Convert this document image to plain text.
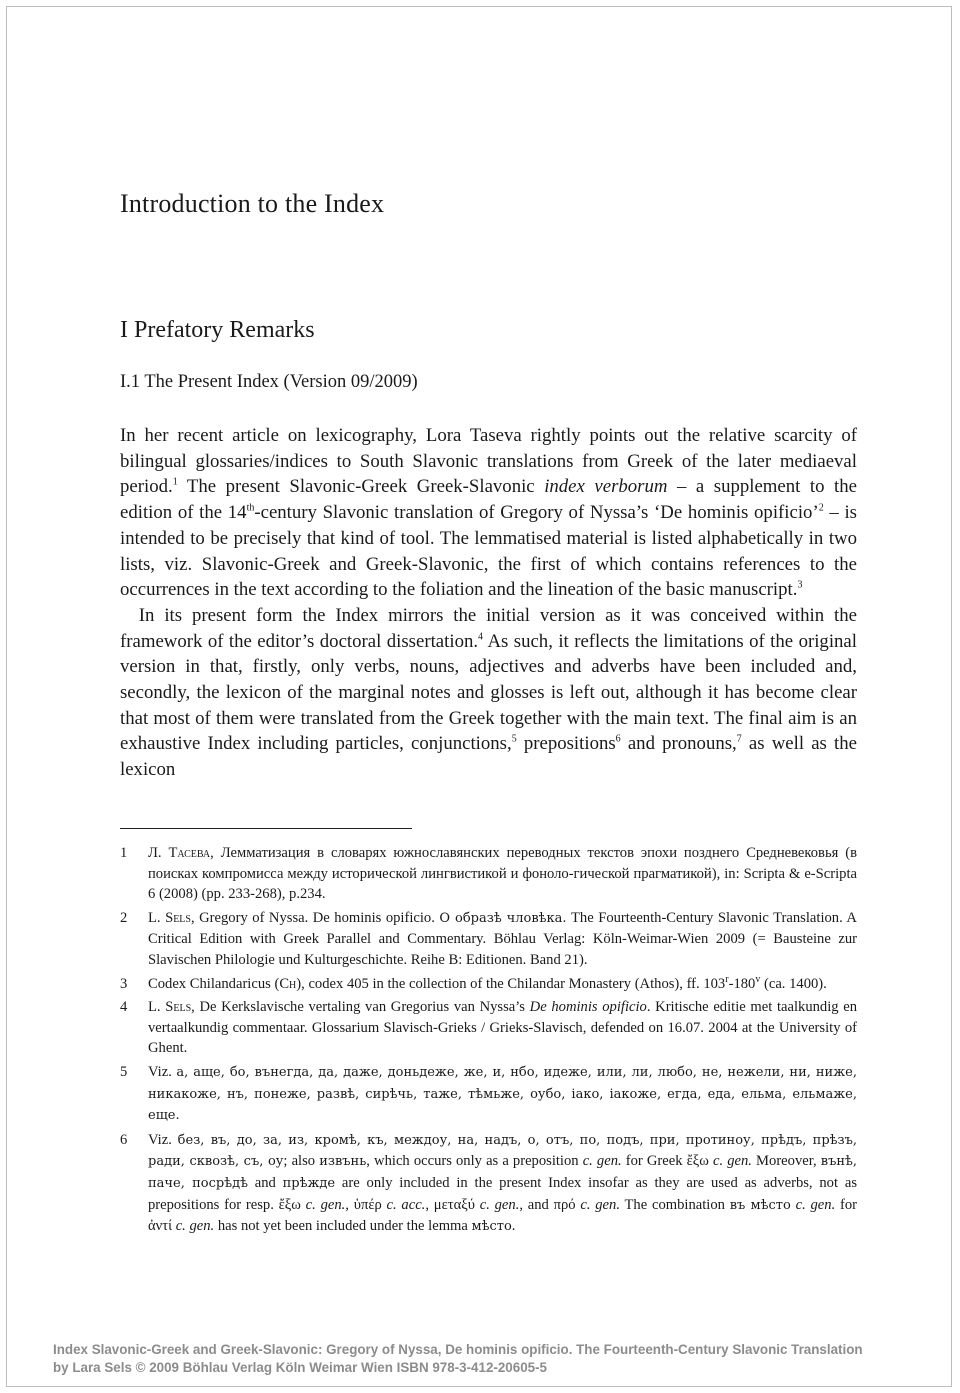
Introduction to the Index
I Prefatory Remarks
I.1 The Present Index (Version 09/2009)

In her recent article on lexicography, Lora Taseva rightly points out the relative scarcity of bilingual glossaries/indices to South Slavonic translations from Greek of the later mediaeval period.$^1$ The present Slavonic-Greek Greek-Slavonic index verborum – a supplement to the edition of the 14th-century Slavonic translation of Gregory of Nyssa’s ‘De hominis opificio’$^2$ – is intended to be precisely that kind of tool. The lemmatised material is listed alphabetically in two lists, viz. Slavonic-Greek and Greek-Slavonic, the first of which contains references to the occurrences in the text according to the foliation and the lineation of the basic manuscript.$^3$

 In its present form the Index mirrors the initial version as it was conceived within the framework of the editor’s doctoral dissertation.$^4$ As such, it reflects the limitations of the original version in that, firstly, only verbs, nouns, adjectives and adverbs have been included and, secondly, the lexicon of the marginal notes and glosses is left out, although it has become clear that most of them were translated from the Greek together with the main text. The final aim is an exhaustive Index including particles, conjunctions,$^5$ prepositions$^6$ and pronouns,$^7$ as well as the lexicon

1 Л. Тасева, Лемматизация в словарях южнославянских переводных текстов эпохи позднего Средневековья (в поисках компромисса между исторической лингвистикой и фоноло-гической прагматикой), in: Scripta & e-Scripta 6 (2008) (pp. 233-268), p.234.
2 L. Sels, Gregory of Nyssa. De hominis opificio. О образѣ чловѣка. The Fourteenth-Century Slavonic Translation. A Critical Edition with Greek Parallel and Commentary. Böhlau Verlag: Köln-Weimar-Wien 2009 (= Bausteine zur Slavischen Philologie und Kulturgeschichte. Reihe B: Editionen. Band 21).
3 Codex Chilandaricus (Ch), codex 405 in the collection of the Chilandar Monastery (Athos), ff. 103$^r$-180$^v$ (ca. 1400).
4 L. Sels, De Kerkslavische vertaling van Gregorius van Nyssa’s De hominis opificio. Kritische editie met taalkundig en vertaalkundig commentaar. Glossarium Slavisch-Grieks / Grieks-Slavisch, defended on 16.07. 2004 at the University of Ghent.
5 Viz. а, аще, бо, вънегда, да, даже, доньдеже, же, и, нбо, идеже, или, ли, любо, не, нежели, ни, ниже, никакоже, нъ, понеже, развѣ, сирѣчь, таже, тѣмьже, оубо, iако, iакоже, егда, еда, ельма, ельмаже, еще.
6 Viz. без, въ, до, за, из, кромѣ, къ, междоу, на, надъ, о, отъ, по, подъ, при, протиноу, прѣдъ, прѣзъ, ради, сквозѣ, съ, оу; also извънь, which occurs only as a preposition c. gen. for Greek ἔξω c. gen. Moreover, вънѣ, паче, посрѣдѣ and прѣжде are only included in the present Index insofar as they are used as adverbs, not as prepositions for resp. ἔξω c. gen., ὑπέρ c. acc., μεταξύ c. gen., and πρό c. gen. The combination въ мѣсто c. gen. for ἀντί c. gen. has not yet been included under the lemma мѣсто.
Index Slavonic-Greek and Greek-Slavonic: Gregory of Nyssa, De hominis opificio. The Fourteenth-Century Slavonic Translation
by Lara Sels © 2009 Böhlau Verlag Köln Weimar Wien ISBN 978-3-412-20605-5
